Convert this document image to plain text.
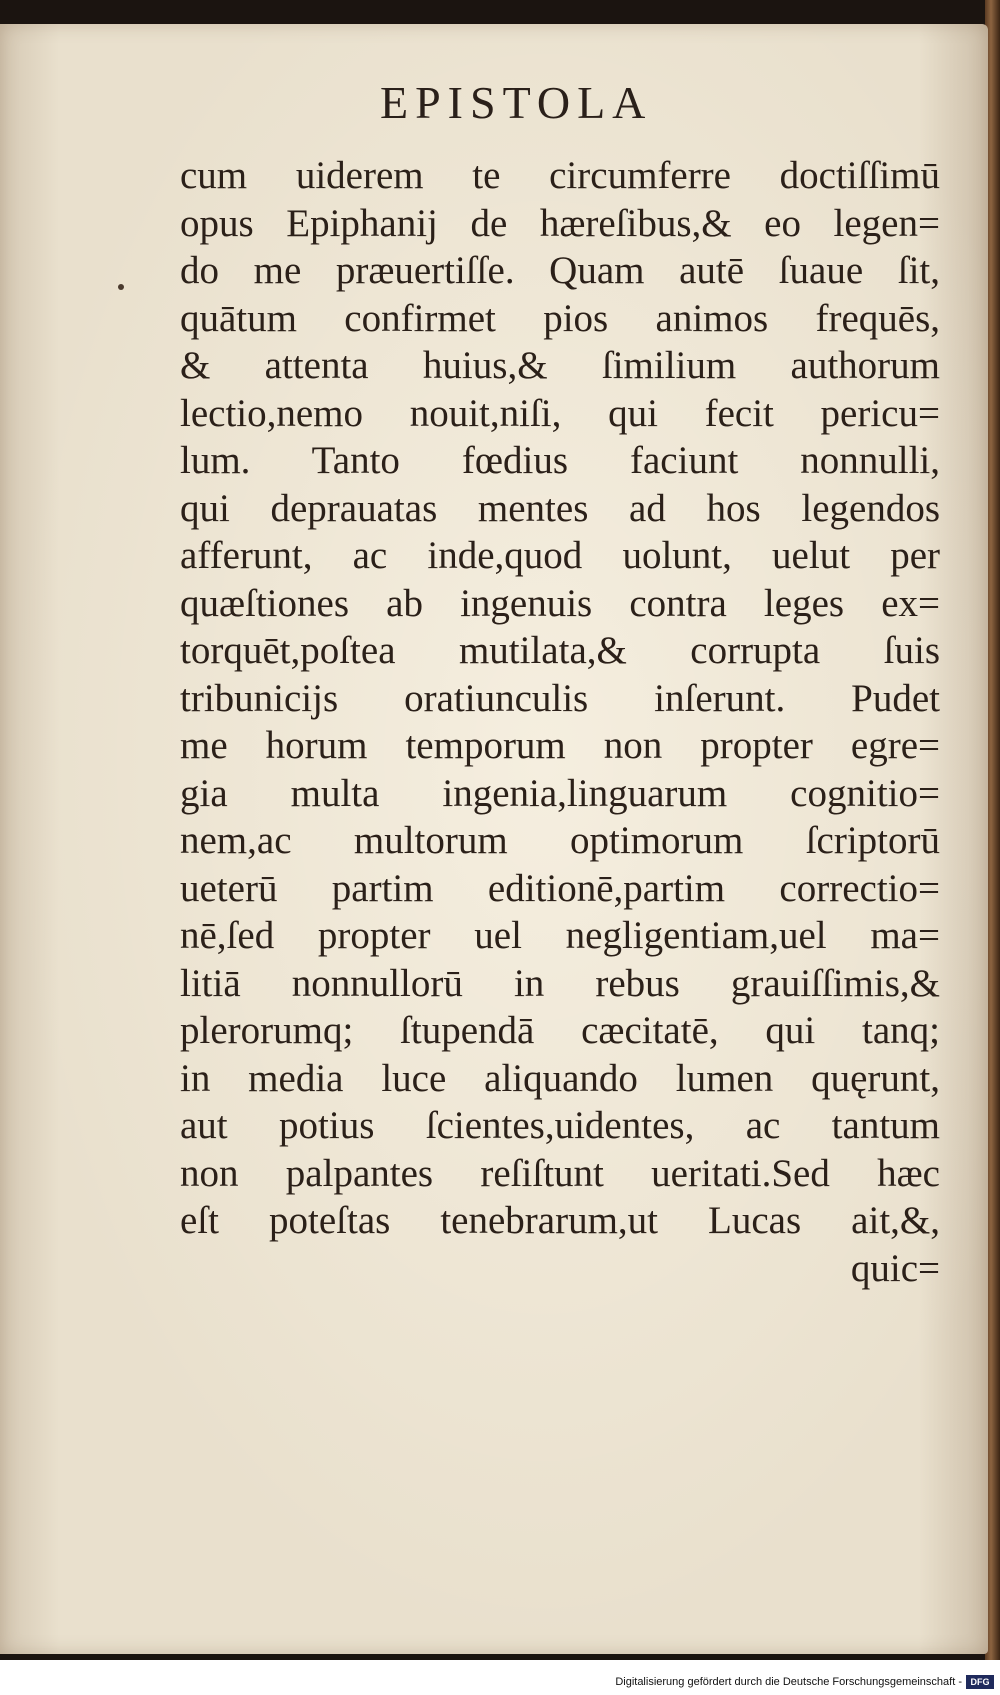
EPISTOLA
cum uiderem te circumferre doctiſſimū
opus Epiphanij de hæreſibus,& eo legen=
do me præuertiſſe. Quam autē ſuaue ſit,
quātum confirmet pios animos frequēs,
& attenta huius,& ſimilium authorum
lectio,nemo nouit,niſi, qui fecit pericu=
lum. Tanto fœdius faciunt nonnulli,
qui deprauatas mentes ad hos legendos
afferunt, ac inde,quod uolunt, uelut per
quæſtiones ab ingenuis contra leges ex=
torquēt,poſtea mutilata,& corrupta ſuis
tribunicijs oratiunculis inſerunt. Pudet
me horum temporum non propter egre=
gia multa ingenia,linguarum cognitio=
nem,ac multorum optimorum ſcriptorū
ueterū partim editionē,partim correctio=
nē,ſed propter uel negligentiam,uel ma=
litiā nonnullorū in rebus grauiſſimis,&
plerorumq; ſtupendā cæcitatē, qui tanq;
in media luce aliquando lumen quęrunt,
aut potius ſcientes,uidentes, ac tantum
non palpantes reſiſtunt ueritati.Sed hæc
eſt poteſtas tenebrarum,ut Lucas ait,&,
quic=
Digitalisierung gefördert durch die Deutsche Forschungsgemeinschaft - DFG
